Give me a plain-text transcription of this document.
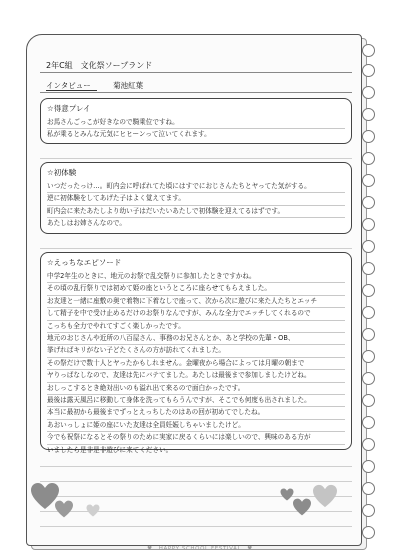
2年C組　文化祭ソープランド
インタビュー	菊池紅葉
☆得意プレイ
お馬さんごっこが好きなので騎乗位ですね。
私が乗るとみんな元気にヒヒーンって泣いてくれます。
☆初体験
いつだったっけ…。町内会に呼ばれてた頃にはすでにおじさんたちとヤってた気がする。
逆に初体験をしてあげた子はよく覚えてます。
町内会に来たあたしより幼い子はだいたいあたしで初体験を迎えてるはずです。
あたしはお姉さんなので。
☆えっちなエピソード
中学2年生のときに、地元のお祭で乱交祭りに参加したときですかね。
その頃の乱行祭りでは初めて姫の座というところに座らせてもらえました。
お友達と一緒に座敷の奥で着物に下着なしで座って、次から次に遊びに来た人たちとエッチ
して精子を中で受け止めるだけのお祭りなんですが、みんな全力でエッチしてくれるので
こっちも全力でやれてすごく楽しかったです。
地元のおじさんや近所の八百屋さん、事務のお兄さんとか、あと学校の先輩・OB、
挙げればキリがない子どたくさんの方が訪れてくれました。
その祭だけで数十人とヤったかもしれません。金曜夜から場合によっては月曜の朝まで
ヤりっぱなしなので、友達は先にバテてました。あたしは最後まで参加しましたけどね。
おしっこするとき絶対出いのも溢れ出て来るので面白かったです。
最後は露天風呂に移動して身体を洗ってもらうんですが、そこでも何度も出されました。
本当に最初から最後までずっとえっちしたのはあの回が初めてでしたね。
あおいっしょに姫の座にいた友達は全員妊娠しちゃいましたけど。
今でも祝祭になるとその祭りのために実家に戻るくらいには楽しいので、興味のある方が
いましたら是非是非遊びに来てください。
♥　HAPPY SCHOOL FESTIVAL　♥
